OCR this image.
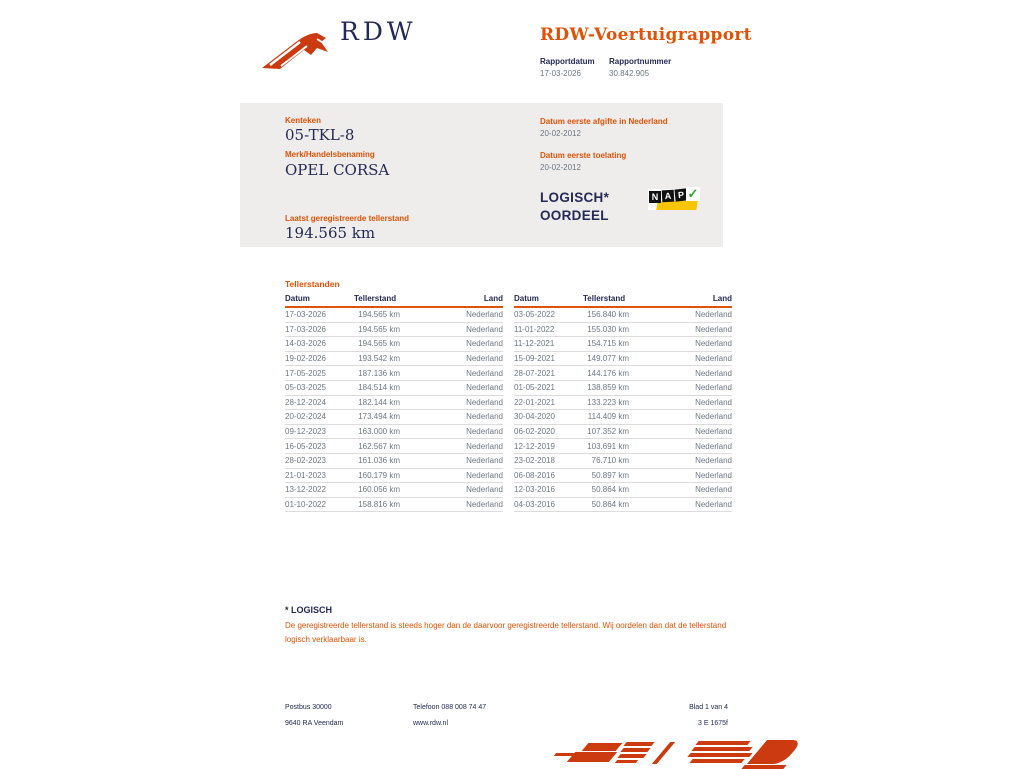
RDW	RDW-Voertuigrapport
Rapportdatum Rapportnummer
17-03-2026	30.842.905
Kenteken
05-TKL-8
Merk/Handelsbenaming
OPEL CORSA
Laatst geregistreerde tellerstand
194.565 km
Datum eerste afgifte in Nederland
20-02-2012
Datum eerste toelating
20-02-2012
LOGISCH*
OORDEEL
N A P ✓
Tellerstanden
Datum	Tellerstand	Land
17-03-2026	194.565 km	Nederland
17-03-2026	194.565 km	Nederland
14-03-2026	194.565 km	Nederland
19-02-2026	193.542 km	Nederland
17-05-2025	187.136 km	Nederland
05-03-2025	184.514 km	Nederland
28-12-2024	182.144 km	Nederland
20-02-2024	173.494 km	Nederland
09-12-2023	163.000 km	Nederland
16-05-2023	162.567 km	Nederland
28-02-2023	161.036 km	Nederland
21-01-2023	160.179 km	Nederland
13-12-2022	160.056 km	Nederland
01-10-2022	158.816 km	Nederland
Datum	Tellerstand	Land
03-05-2022	156.840 km	Nederland
11-01-2022	155.030 km	Nederland
11-12-2021	154.715 km	Nederland
15-09-2021	149.077 km	Nederland
28-07-2021	144.176 km	Nederland
01-05-2021	138.859 km	Nederland
22-01-2021	133.223 km	Nederland
30-04-2020	114.409 km	Nederland
06-02-2020	107.352 km	Nederland
12-12-2019	103.691 km	Nederland
23-02-2018	76.710 km	Nederland
06-08-2016	50.897 km	Nederland
12-03-2016	50.864 km	Nederland
04-03-2016	50.864 km	Nederland
* LOGISCH
De geregistreerde tellerstand is steeds hoger dan de daarvoor geregistreerde tellerstand. Wij oordelen dan dat de tellerstand logisch verklaarbaar is.
Postbus 30000
9640 RA Veendam
Telefoon 088 008 74 47
www.rdw.nl
Blad 1 van 4
3 E 1675f
